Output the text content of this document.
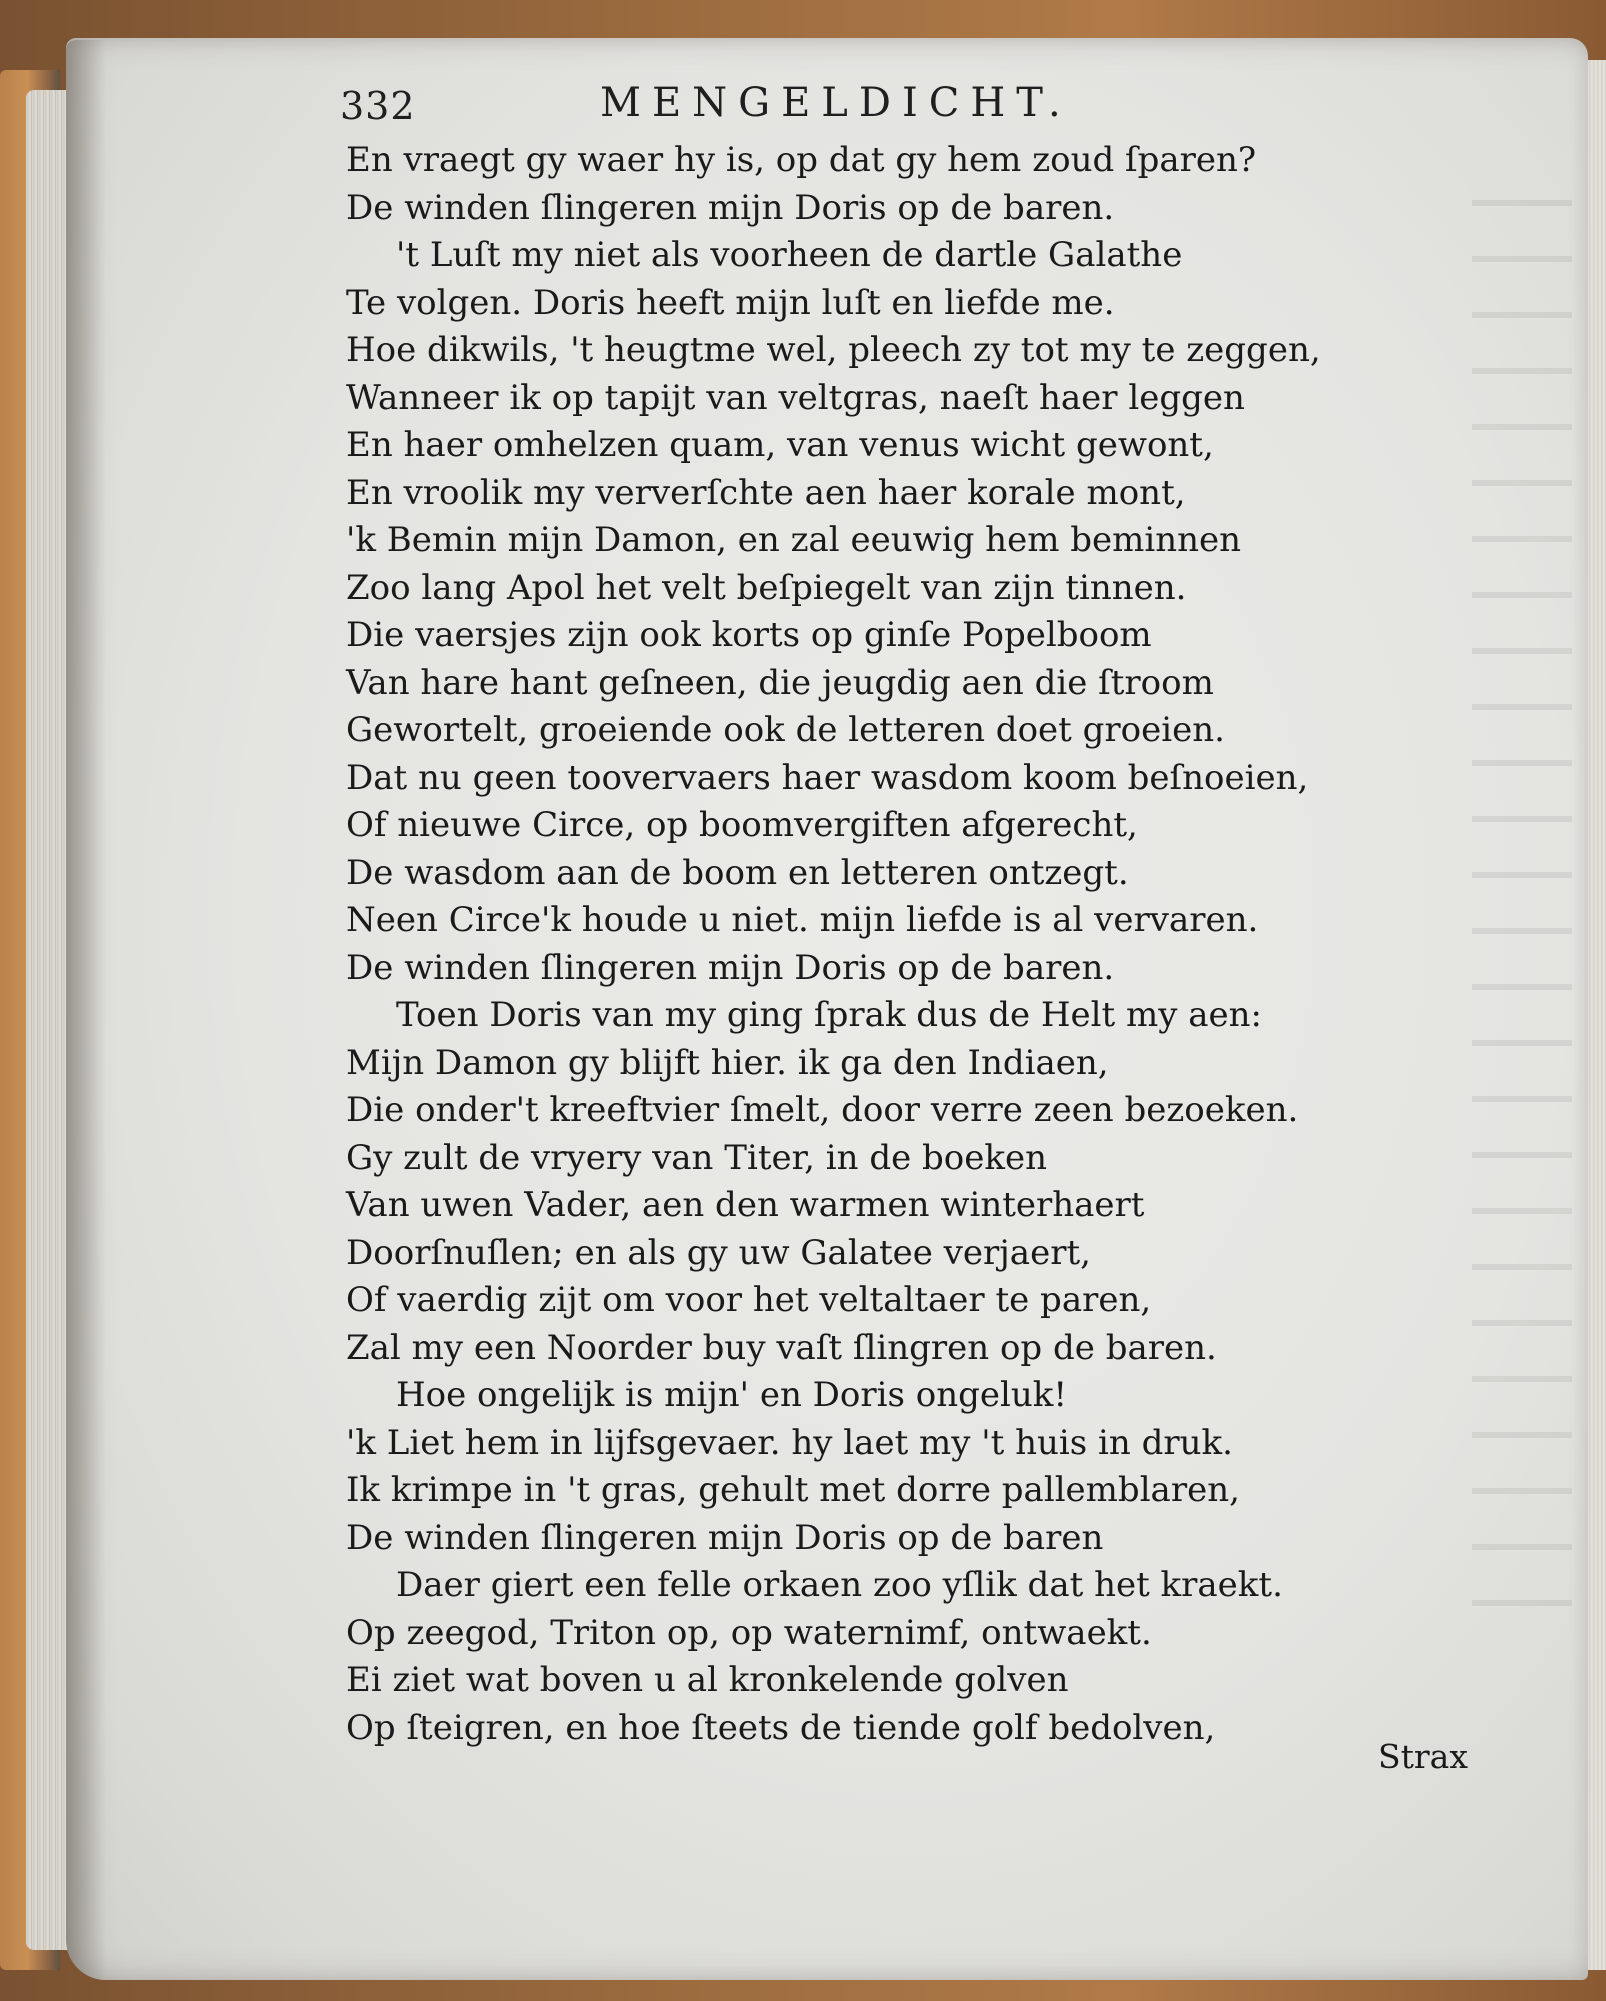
332	MENGELDICHT.
En vraegt gy waer hy is, op dat gy hem zoud ſparen?
De winden ſlingeren mijn Doris op de baren.
't Luſt my niet als voorheen de dartle Galathe
Te volgen. Doris heeft mijn luſt en liefde me.
Hoe dikwils, 't heugtme wel, pleech zy tot my te zeggen,
Wanneer ik op tapijt van veltgras, naeſt haer leggen
En haer omhelzen quam, van venus wicht gewont,
En vroolik my ververſchte aen haer korale mont,
'k Bemin mijn Damon, en zal eeuwig hem beminnen
Zoo lang Apol het velt beſpiegelt van zijn tinnen.
Die vaersjes zijn ook korts op ginſe Popelboom
Van hare hant geſneen, die jeugdig aen die ſtroom
Gewortelt, groeiende ook de letteren doet groeien.
Dat nu geen toovervaers haer wasdom koom beſnoeien,
Of nieuwe Circe, op boomvergiften afgerecht,
De wasdom aan de boom en letteren ontzegt.
Neen Circe'k houde u niet. mijn liefde is al vervaren.
De winden ſlingeren mijn Doris op de baren.
Toen Doris van my ging ſprak dus de Helt my aen:
Mijn Damon gy blijft hier. ik ga den Indiaen,
Die onder't kreeftvier ſmelt, door verre zeen bezoeken.
Gy zult de vryery van Titer, in de boeken
Van uwen Vader, aen den warmen winterhaert
Doorſnuſlen; en als gy uw Galatee verjaert,
Of vaerdig zijt om voor het veltaltaer te paren,
Zal my een Noorder buy vaſt ſlingren op de baren.
Hoe ongelijk is mijn' en Doris ongeluk!
'k Liet hem in lijfsgevaer. hy laet my 't huis in druk.
Ik krimpe in 't gras, gehult met dorre pallemblaren,
De winden ſlingeren mijn Doris op de baren
Daer giert een felle orkaen zoo yſlik dat het kraekt.
Op zeegod, Triton op, op waternimf, ontwaekt.
Ei ziet wat boven u al kronkelende golven
Op ſteigren, en hoe ſteets de tiende golf bedolven,
Strax
